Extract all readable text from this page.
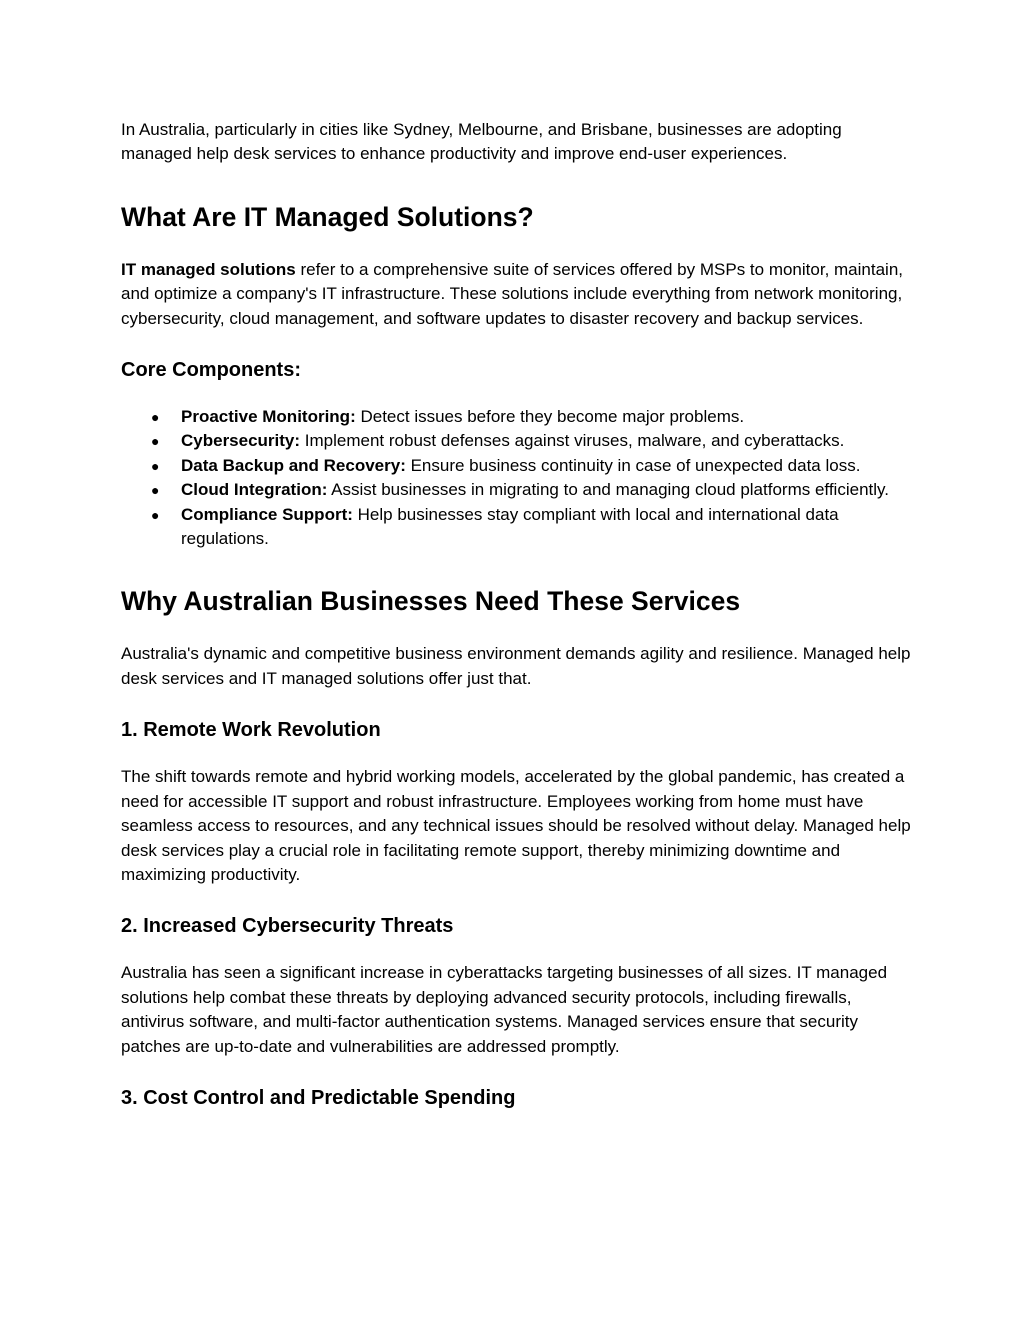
In Australia, particularly in cities like Sydney, Melbourne, and Brisbane, businesses are adopting managed help desk services to enhance productivity and improve end-user experiences.

What Are IT Managed Solutions?

IT managed solutions refer to a comprehensive suite of services offered by MSPs to monitor, maintain, and optimize a company's IT infrastructure. These solutions include everything from network monitoring, cybersecurity, cloud management, and software updates to disaster recovery and backup services.

Core Components:
● Proactive Monitoring: Detect issues before they become major problems.
● Cybersecurity: Implement robust defenses against viruses, malware, and cyberattacks.
● Data Backup and Recovery: Ensure business continuity in case of unexpected data loss.
● Cloud Integration: Assist businesses in migrating to and managing cloud platforms efficiently.
● Compliance Support: Help businesses stay compliant with local and international data regulations.
Why Australian Businesses Need These Services

Australia's dynamic and competitive business environment demands agility and resilience. Managed help desk services and IT managed solutions offer just that.

1. Remote Work Revolution

The shift towards remote and hybrid working models, accelerated by the global pandemic, has created a need for accessible IT support and robust infrastructure. Employees working from home must have seamless access to resources, and any technical issues should be resolved without delay. Managed help desk services play a crucial role in facilitating remote support, thereby minimizing downtime and maximizing productivity.

2. Increased Cybersecurity Threats

Australia has seen a significant increase in cyberattacks targeting businesses of all sizes. IT managed solutions help combat these threats by deploying advanced security protocols, including firewalls, antivirus software, and multi-factor authentication systems. Managed services ensure that security patches are up-to-date and vulnerabilities are addressed promptly.

3. Cost Control and Predictable Spending
